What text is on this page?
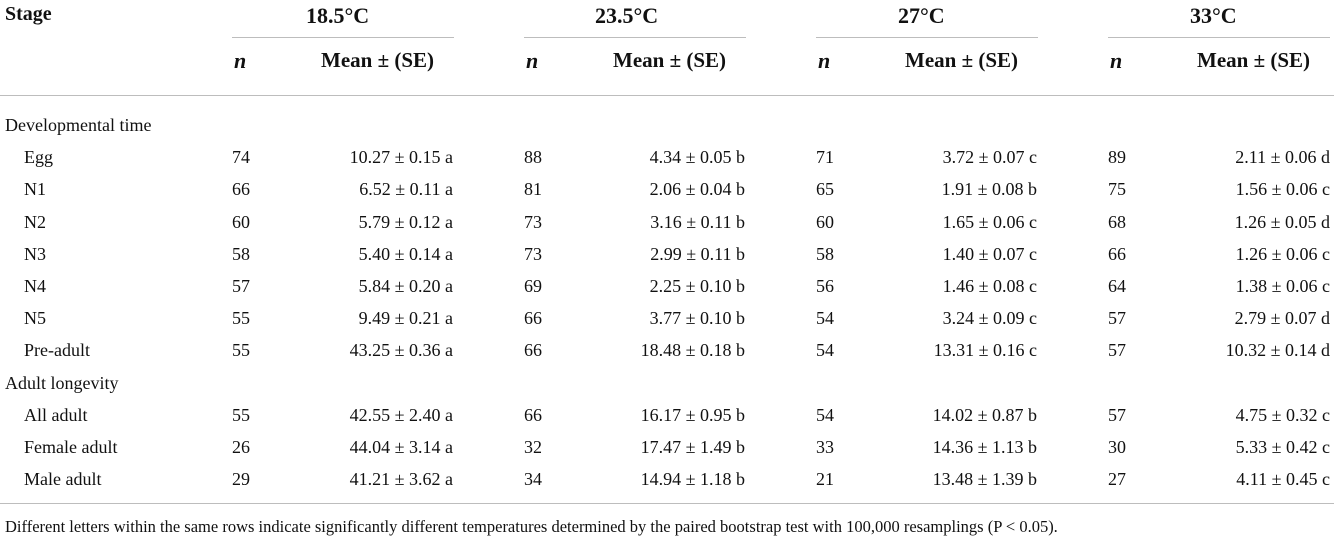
Stage	18.5°C	23.5°C	27°C	33°C
n	Mean ± (SE)	n	Mean ± (SE)	n	Mean ± (SE)	n	Mean ± (SE)
Developmental time
Egg	74	10.27 ± 0.15 a	88	4.34 ± 0.05 b	71	3.72 ± 0.07 c	89	2.11 ± 0.06 d
N1	66	6.52 ± 0.11 a	81	2.06 ± 0.04 b	65	1.91 ± 0.08 b	75	1.56 ± 0.06 c
N2	60	5.79 ± 0.12 a	73	3.16 ± 0.11 b	60	1.65 ± 0.06 c	68	1.26 ± 0.05 d
N3	58	5.40 ± 0.14 a	73	2.99 ± 0.11 b	58	1.40 ± 0.07 c	66	1.26 ± 0.06 c
N4	57	5.84 ± 0.20 a	69	2.25 ± 0.10 b	56	1.46 ± 0.08 c	64	1.38 ± 0.06 c
N5	55	9.49 ± 0.21 a	66	3.77 ± 0.10 b	54	3.24 ± 0.09 c	57	2.79 ± 0.07 d
Pre-adult	55	43.25 ± 0.36 a	66	18.48 ± 0.18 b	54	13.31 ± 0.16 c	57	10.32 ± 0.14 d
Adult longevity
All adult	55	42.55 ± 2.40 a	66	16.17 ± 0.95 b	54	14.02 ± 0.87 b	57	4.75 ± 0.32 c
Female adult	26	44.04 ± 3.14 a	32	17.47 ± 1.49 b	33	14.36 ± 1.13 b	30	5.33 ± 0.42 c
Male adult	29	41.21 ± 3.62 a	34	14.94 ± 1.18 b	21	13.48 ± 1.39 b	27	4.11 ± 0.45 c
Different letters within the same rows indicate significantly different temperatures determined by the paired bootstrap test with 100,000 resamplings (P < 0.05).
